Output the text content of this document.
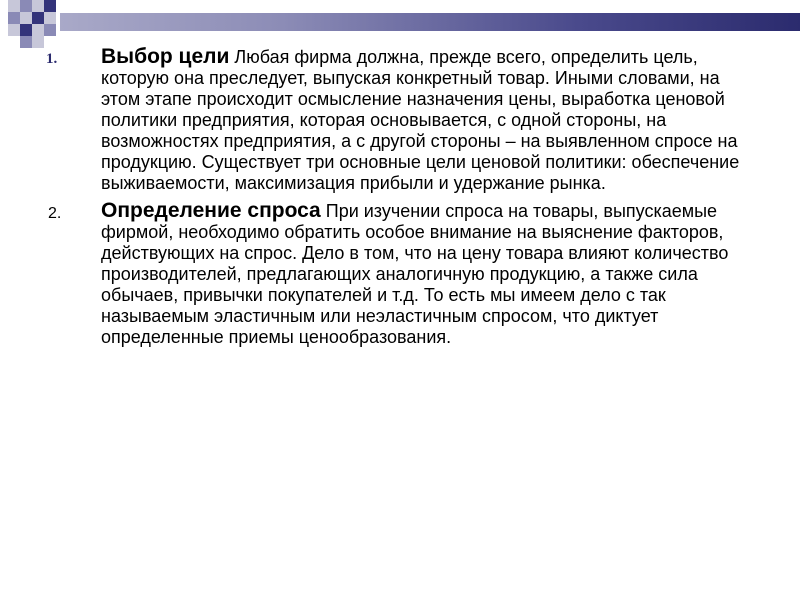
1. Выбор цели Любая фирма должна, прежде всего, определить цель, которую она преследует, выпуская конкретный товар. Иными словами, на этом этапе происходит осмысление назначения цены, выработка ценовой политики предприятия, которая основывается, с одной стороны, на возможностях предприятия, а с другой стороны – на выявленном спросе на продукцию. Существует три основные цели ценовой политики: обеспечение выживаемости, максимизация прибыли и удержание рынка.
2. Определение спроса При изучении спроса на товары, выпускаемые фирмой, необходимо обратить особое внимание на выяснение факторов, действующих на спрос. Дело в том, что на цену товара влияют количество производителей, предлагающих аналогичную продукцию, а также сила обычаев, привычки покупателей и т.д. То есть мы имеем дело с так называемым эластичным или неэластичным спросом, что диктует определенные приемы ценообразования.
